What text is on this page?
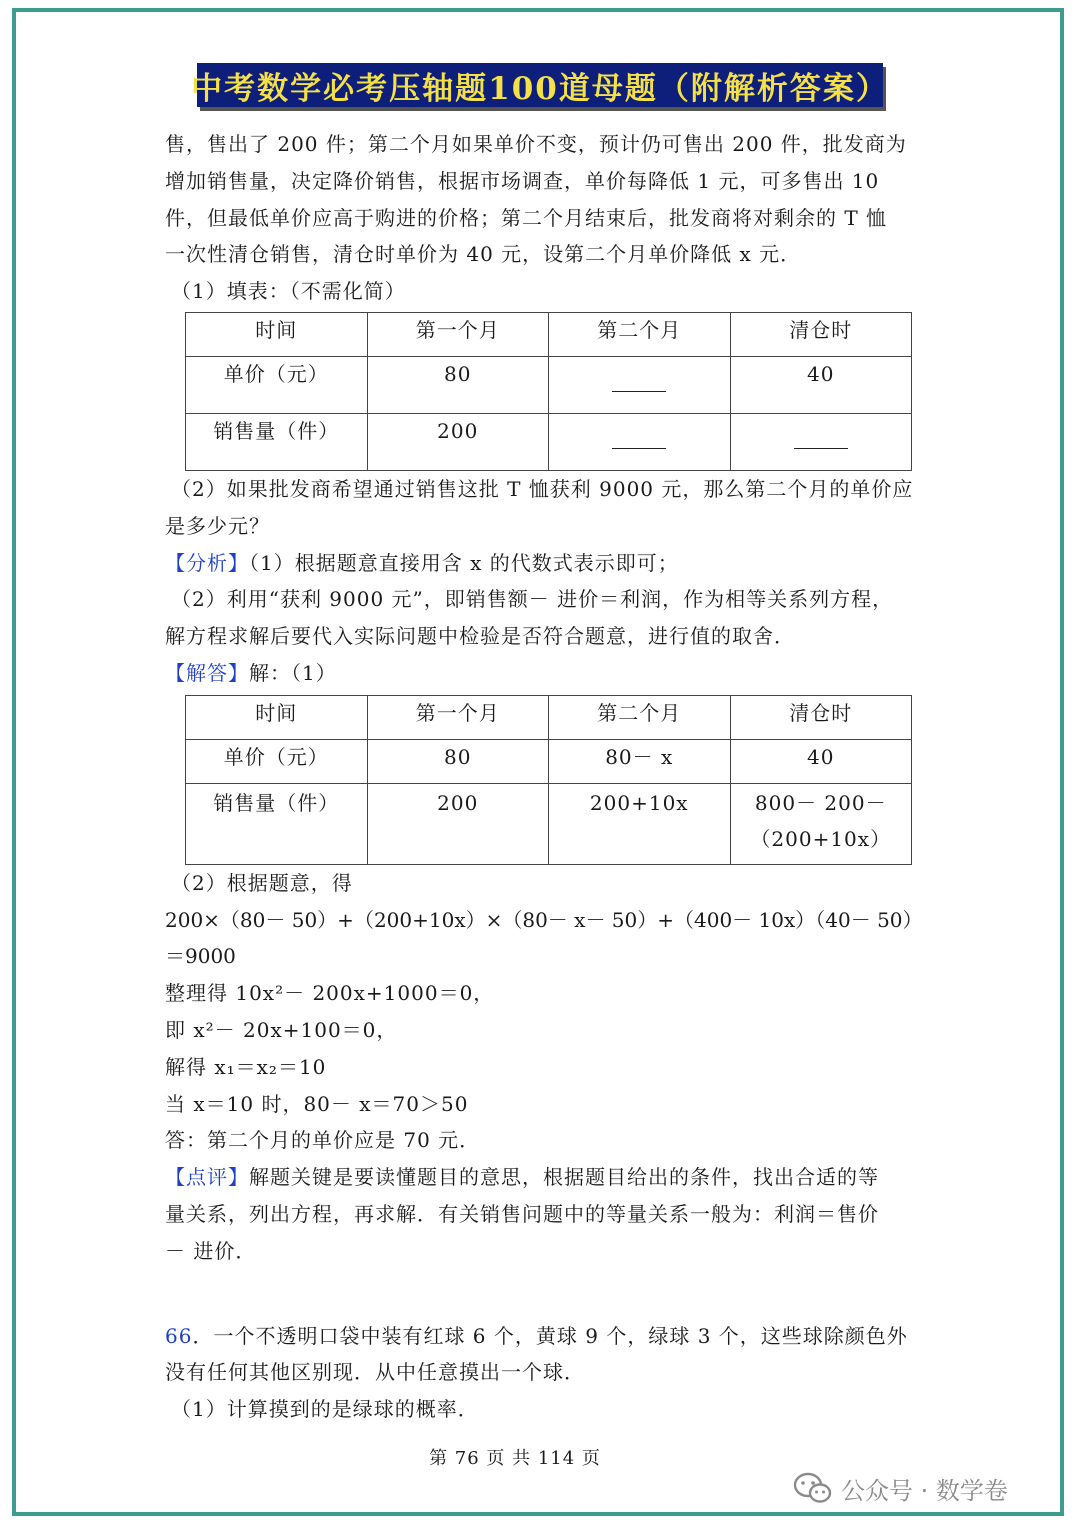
中考数学必考压轴题100道母题（附解析答案）

售，售出了 200 件；第二个月如果单价不变，预计仍可售出 200 件，批发商为

增加销售量，决定降价销售，根据市场调查，单价每降低 1 元，可多售出 10

件，但最低单价应高于购进的价格；第二个月结束后，批发商将对剩余的 T 恤

一次性清仓销售，清仓时单价为 40 元，设第二个月单价降低 x 元．

（1）填表：（不需化简）

时间	第一个月	第二个月	清仓时
单价（元）	80		40
销售量（件）	200	

（2）如果批发商希望通过销售这批 T 恤获利 9000 元，那么第二个月的单价应

是多少元？

【分析】（1）根据题意直接用含 x 的代数式表示即可；

（2）利用“获利 9000 元”，即销售额－ 进价＝利润，作为相等关系列方程，

解方程求解后要代入实际问题中检验是否符合题意，进行值的取舍．

【解答】解：（1）

时间	第一个月	第二个月	清仓时
单价（元）	80	80－ x	40
销售量（件）	200	200+10x	800－ 200－
（200+10x）

（2）根据题意，得

200×（80－ 50）+（200+10x）×（80－ x－ 50）+（400－ 10x）（40－ 50）＝9000

整理得 10x²－ 200x+1000＝0，

即 x²－ 20x+100＝0，

解得 x₁＝x₂＝10

当 x＝10 时，80－ x＝70＞50

答：第二个月的单价应是 70 元．

【点评】解题关键是要读懂题目的意思，根据题目给出的条件，找出合适的等

量关系，列出方程，再求解．有关销售问题中的等量关系一般为：利润＝售价

－ 进价．

66．一个不透明口袋中装有红球 6 个，黄球 9 个，绿球 3 个，这些球除颜色外

没有任何其他区别现．从中任意摸出一个球．

（1）计算摸到的是绿球的概率．

第 76 页 共 114 页
公众号 · 数学卷
